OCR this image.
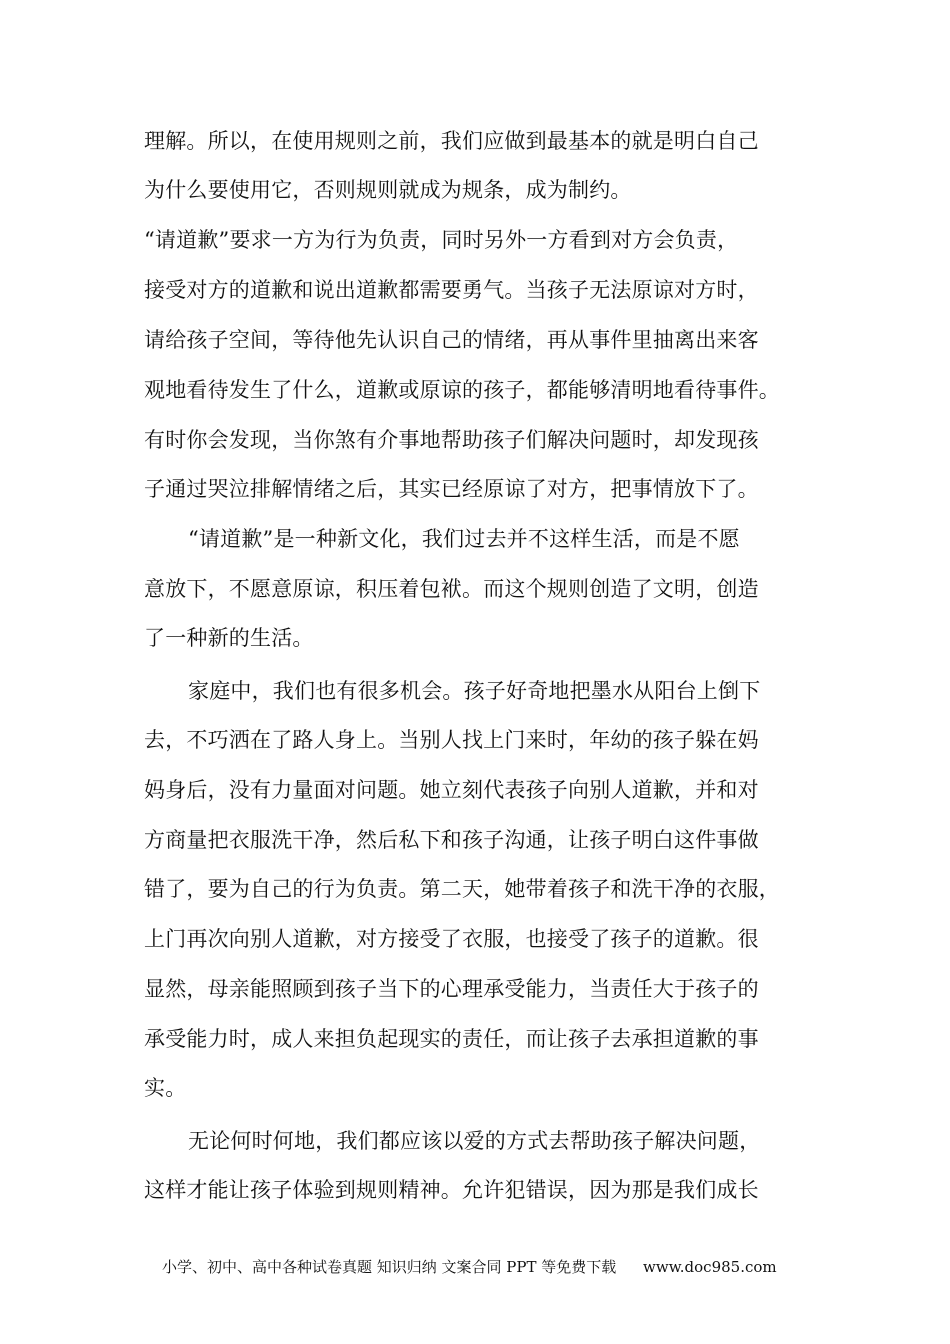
理解。所以，在使用规则之前，我们应做到最基本的就是明白自己
为什么要使用它，否则规则就成为规条，成为制约。
“请道歉”要求一方为行为负责，同时另外一方看到对方会负责，
接受对方的道歉和说出道歉都需要勇气。当孩子无法原谅对方时，
请给孩子空间，等待他先认识自己的情绪，再从事件里抽离出来客
观地看待发生了什么，道歉或原谅的孩子，都能够清明地看待事件。
有时你会发现，当你煞有介事地帮助孩子们解决问题时，却发现孩
子通过哭泣排解情绪之后，其实已经原谅了对方，把事情放下了。
“请道歉”是一种新文化，我们过去并不这样生活，而是不愿
意放下，不愿意原谅，积压着包袱。而这个规则创造了文明，创造
了一种新的生活。
家庭中，我们也有很多机会。孩子好奇地把墨水从阳台上倒下
去，不巧洒在了路人身上。当别人找上门来时，年幼的孩子躲在妈
妈身后，没有力量面对问题。她立刻代表孩子向别人道歉，并和对
方商量把衣服洗干净，然后私下和孩子沟通，让孩子明白这件事做
错了，要为自己的行为负责。第二天，她带着孩子和洗干净的衣服，
上门再次向别人道歉，对方接受了衣服，也接受了孩子的道歉。很
显然，母亲能照顾到孩子当下的心理承受能力，当责任大于孩子的
承受能力时，成人来担负起现实的责任，而让孩子去承担道歉的事
实。
无论何时何地，我们都应该以爱的方式去帮助孩子解决问题，
这样才能让孩子体验到规则精神。允许犯错误，因为那是我们成长
小学、初中、高中各种试卷真题 知识归纳 文案合同 PPT 等免费下载 www.doc985.com
